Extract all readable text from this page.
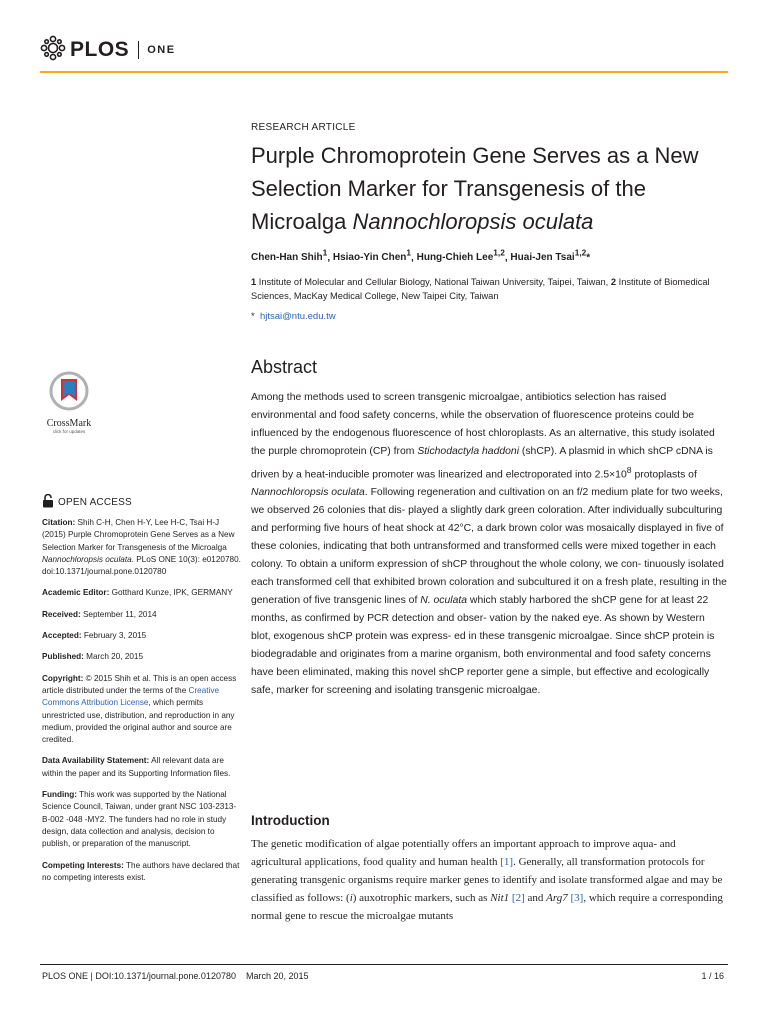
PLOS ONE
RESEARCH ARTICLE
Purple Chromoprotein Gene Serves as a New Selection Marker for Transgenesis of the Microalga Nannochloropsis oculata
Chen-Han Shih$^1$, Hsiao-Yin Chen$^1$, Hung-Chieh Lee$^{1,2}$, Huai-Jen Tsai$^{1,2}$*
1 Institute of Molecular and Cellular Biology, National Taiwan University, Taipei, Taiwan, 2 Institute of Biomedical Sciences, MacKay Medical College, New Taipei City, Taiwan
* hjtsai@ntu.edu.tw
CrossMark
click for updates
OPEN ACCESS

Citation: Shih C-H, Chen H-Y, Lee H-C, Tsai H-J (2015) Purple Chromoprotein Gene Serves as a New Selection Marker for Transgenesis of the Microalga Nannochloropsis oculata. PLoS ONE 10(3): e0120780. doi:10.1371/journal.pone.0120780

Academic Editor: Gotthard Kunze, IPK, GERMANY

Received: September 11, 2014

Accepted: February 3, 2015

Published: March 20, 2015

Copyright: © 2015 Shih et al. This is an open access article distributed under the terms of the Creative Commons Attribution License, which permits unrestricted use, distribution, and reproduction in any medium, provided the original author and source are credited.

Data Availability Statement: All relevant data are within the paper and its Supporting Information files.

Funding: This work was supported by the National Science Council, Taiwan, under grant NSC 103-2313-B-002 -048 -MY2. The funders had no role in study design, data collection and analysis, decision to publish, or preparation of the manuscript.

Competing Interests: The authors have declared that no competing interests exist.

Abstract

Among the methods used to screen transgenic microalgae, antibiotics selection has raised environmental and food safety concerns, while the observation of fluorescence proteins could be influenced by the endogenous fluorescence of host chloroplasts. As an alternative, this study isolated the purple chromoprotein (CP) from Stichodactyla haddoni (shCP). A plasmid in which shCP cDNA is driven by a heat-inducible promoter was linearized and electroporated into $2.5\times 10^8$ protoplasts of Nannochloropsis oculata. Following regeneration and cultivation on an f/2 medium plate for two weeks, we observed 26 colonies that dis- played a slightly dark green coloration. After individually subculturing and performing five hours of heat shock at 42°C, a dark brown color was mosaically displayed in five of these colonies, indicating that both untransformed and transformed cells were mixed together in each colony. To obtain a uniform expression of shCP throughout the whole colony, we con- tinuously isolated each transformed cell that exhibited brown coloration and subcultured it on a fresh plate, resulting in the generation of five transgenic lines of N. oculata which stably harbored the shCP gene for at least 22 months, as confirmed by PCR detection and obser- vation by the naked eye. As shown by Western blot, exogenous shCP protein was express- ed in these transgenic microalgae. Since shCP protein is biodegradable and originates from a marine organism, both environmental and food safety concerns have been eliminated, making this novel shCP reporter gene a simple, but effective and ecologically safe, marker for screening and isolating transgenic microalgae.

Introduction

The genetic modification of algae potentially offers an important approach to improve aqua- and agricultural applications, food quality and human health [1]. Generally, all transformation protocols for generating transgenic organisms require marker genes to identify and isolate transformed algae and may be classified as follows: (i) auxotrophic markers, such as Nit1 [2] and Arg7 [3], which require a corresponding normal gene to rescue the microalgae mutants

PLOS ONE | DOI:10.1371/journal.pone.0120780    March 20, 2015	1 / 16
